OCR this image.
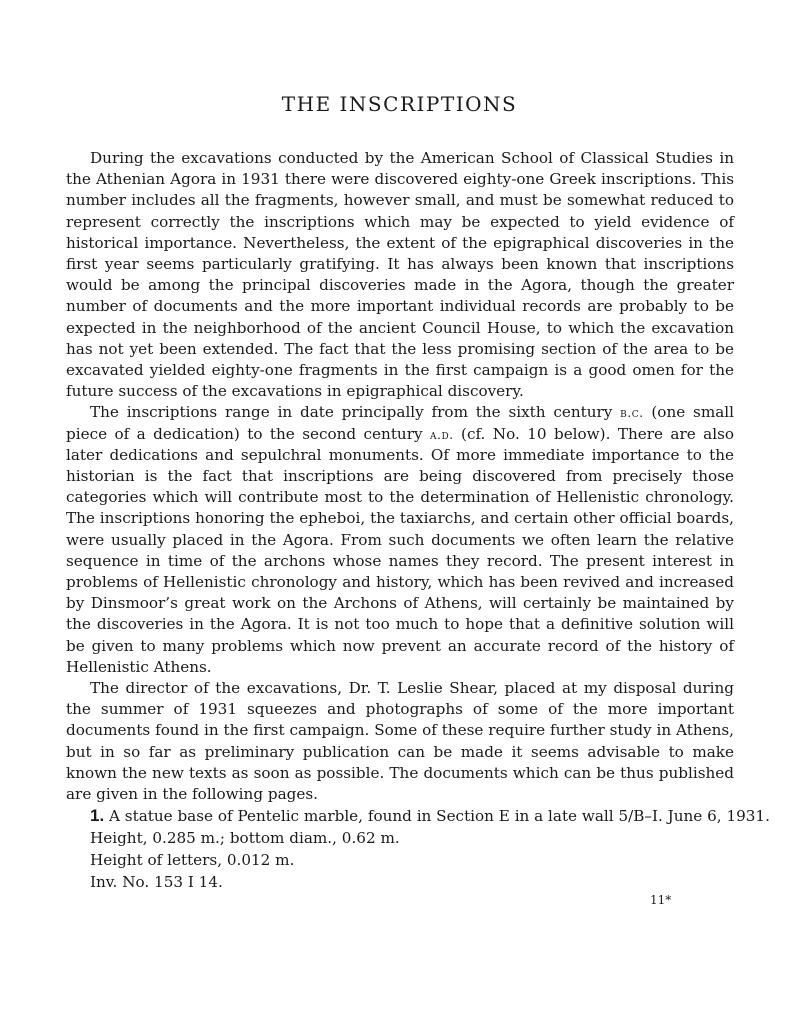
THE INSCRIPTIONS

During the excavations conducted by the American School of Classical Studies in the Athenian Agora in 1931 there were discovered eighty-one Greek inscriptions. This number includes all the fragments, however small, and must be somewhat reduced to represent correctly the inscriptions which may be expected to yield evidence of historical importance. Nevertheless, the extent of the epigraphical discoveries in the first year seems particularly gratifying. It has always been known that inscriptions would be among the principal discoveries made in the Agora, though the greater number of documents and the more important individual records are probably to be expected in the neighborhood of the ancient Council House, to which the excavation has not yet been extended. The fact that the less promising section of the area to be excavated yielded eighty-one fragments in the first campaign is a good omen for the future success of the excavations in epigraphical discovery.

The inscriptions range in date principally from the sixth century b.c. (one small piece of a dedication) to the second century a.d. (cf. No. 10 below). There are also later dedications and sepulchral monuments. Of more immediate importance to the historian is the fact that inscriptions are being discovered from precisely those categories which will contribute most to the determination of Hellenistic chronology. The inscriptions honoring the epheboi, the taxiarchs, and certain other official boards, were usually placed in the Agora. From such documents we often learn the relative sequence in time of the archons whose names they record. The present interest in problems of Hellenistic chronology and history, which has been revived and increased by Dinsmoor’s great work on the Archons of Athens, will certainly be maintained by the discoveries in the Agora. It is not too much to hope that a definitive solution will be given to many problems which now prevent an accurate record of the history of Hellenistic Athens.

The director of the excavations, Dr. T. Leslie Shear, placed at my disposal during the summer of 1931 squeezes and photographs of some of the more important documents found in the first campaign. Some of these require further study in Athens, but in so far as preliminary publication can be made it seems advisable to make known the new texts as soon as possible. The documents which can be thus published are given in the following pages.

1. A statue base of Pentelic marble, found in Section E in a late wall 5/B–I. June 6, 1931.
Height, 0.285 m.; bottom diam., 0.62 m.
Height of letters, 0.012 m.
Inv. No. 153 I 14.
11*
